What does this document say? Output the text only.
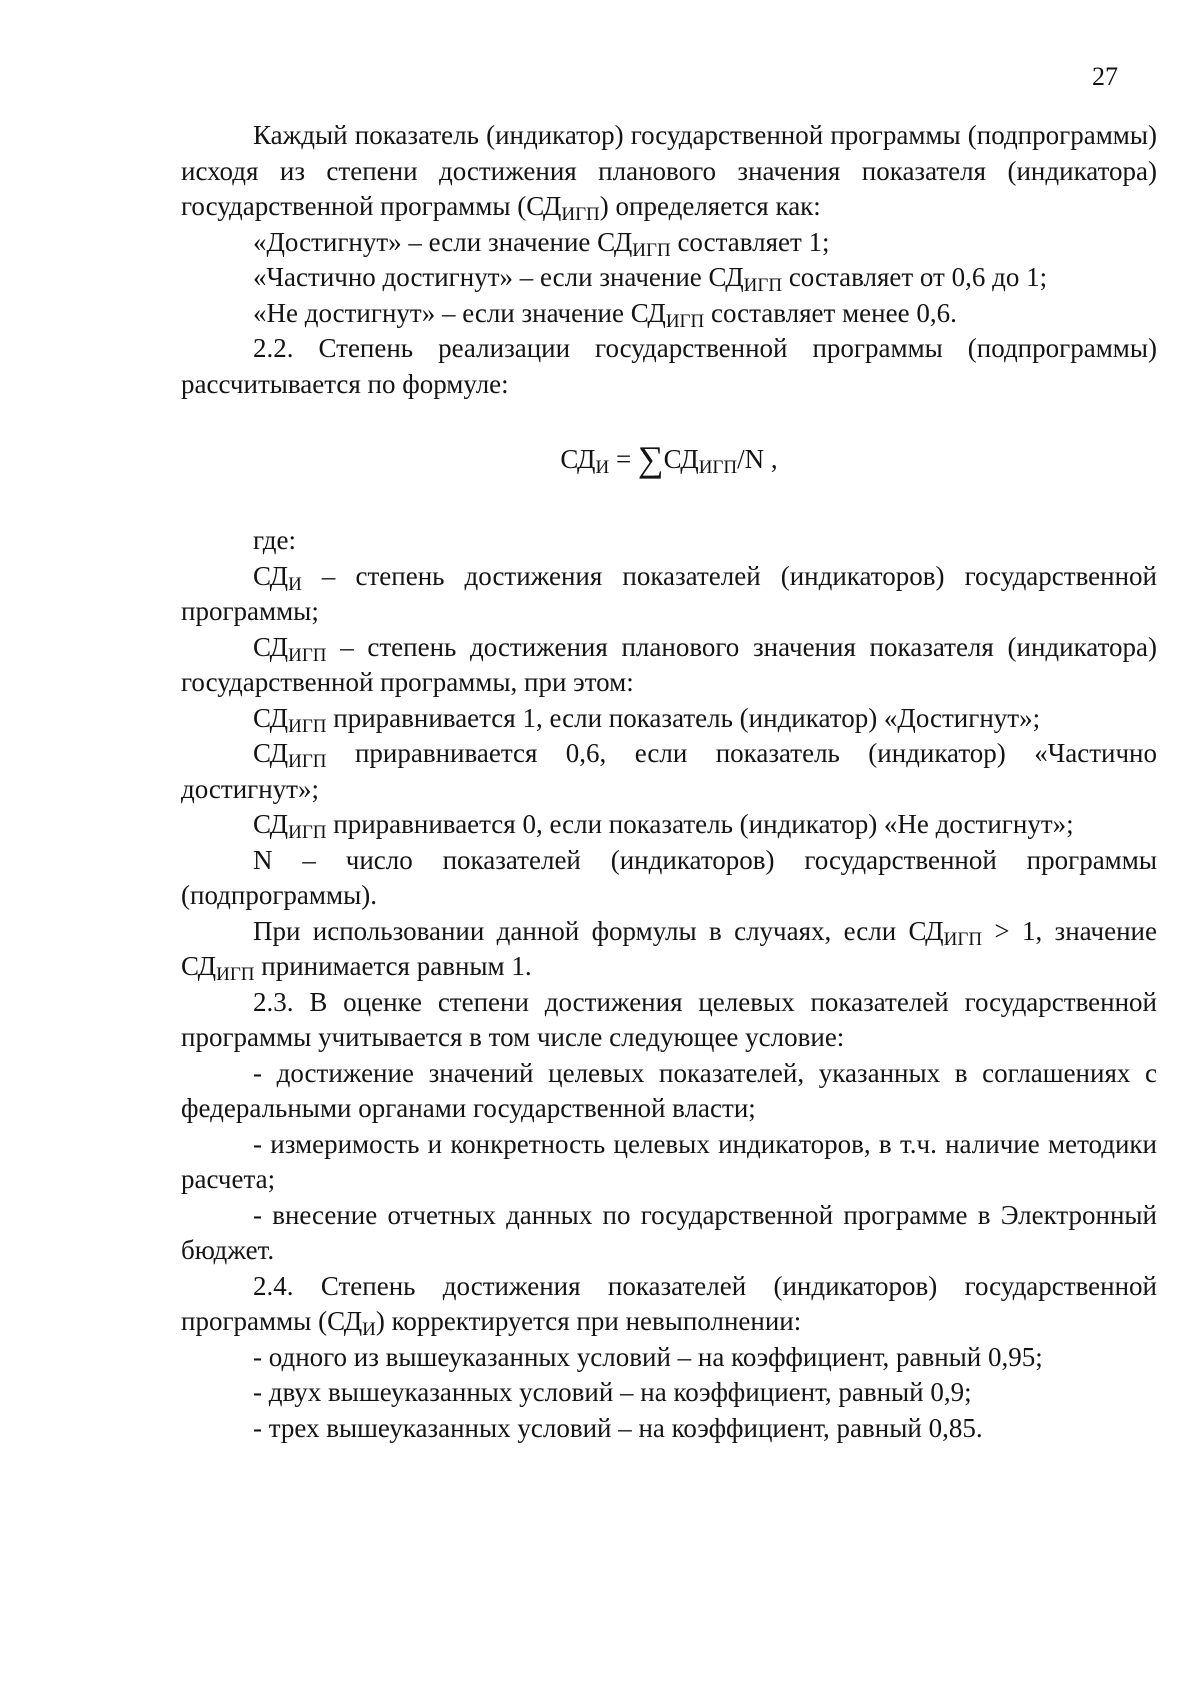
27

Каждый показатель (индикатор) государственной программы (подпрограммы) исходя из степени достижения планового значения показателя (индикатора) государственной программы $(СД_{ИГП})$ определяется как:

«Достигнут» – если значение $СД_{ИГП}$ составляет 1;

«Частично достигнут» – если значение $СД_{ИГП}$ составляет от 0,6 до 1;

«Не достигнут» – если значение $СД_{ИГП}$ составляет менее 0,6.

2.2. Степень реализации государственной программы (подпрограммы) рассчитывается по формуле:

$СД_И = \sum СД_{ИГП}/N$ ,

где:

$СД_И$ – степень достижения показателей (индикаторов) государственной программы;

$СД_{ИГП}$ – степень достижения планового значения показателя (индикатора) государственной программы, при этом:

$СД_{ИГП}$ приравнивается 1, если показатель (индикатор) «Достигнут»;

$СД_{ИГП}$ приравнивается 0,6, если показатель (индикатор) «Частично достигнут»;

$СД_{ИГП}$ приравнивается 0, если показатель (индикатор) «Не достигнут»;

N – число показателей (индикаторов) государственной программы (подпрограммы).

При использовании данной формулы в случаях, если $СД_{ИГП} > 1$, значение $СД_{ИГП}$ принимается равным 1.

2.3. В оценке степени достижения целевых показателей государственной программы учитывается в том числе следующее условие:

- достижение значений целевых показателей, указанных в соглашениях с федеральными органами государственной власти;

- измеримость и конкретность целевых индикаторов, в т.ч. наличие методики расчета;

- внесение отчетных данных по государственной программе в Электронный бюджет.

2.4. Степень достижения показателей (индикаторов) государственной программы $(СД_И)$ корректируется при невыполнении:

- одного из вышеуказанных условий – на коэффициент, равный 0,95;

- двух вышеуказанных условий – на коэффициент, равный 0,9;

- трех вышеуказанных условий – на коэффициент, равный 0,85.
